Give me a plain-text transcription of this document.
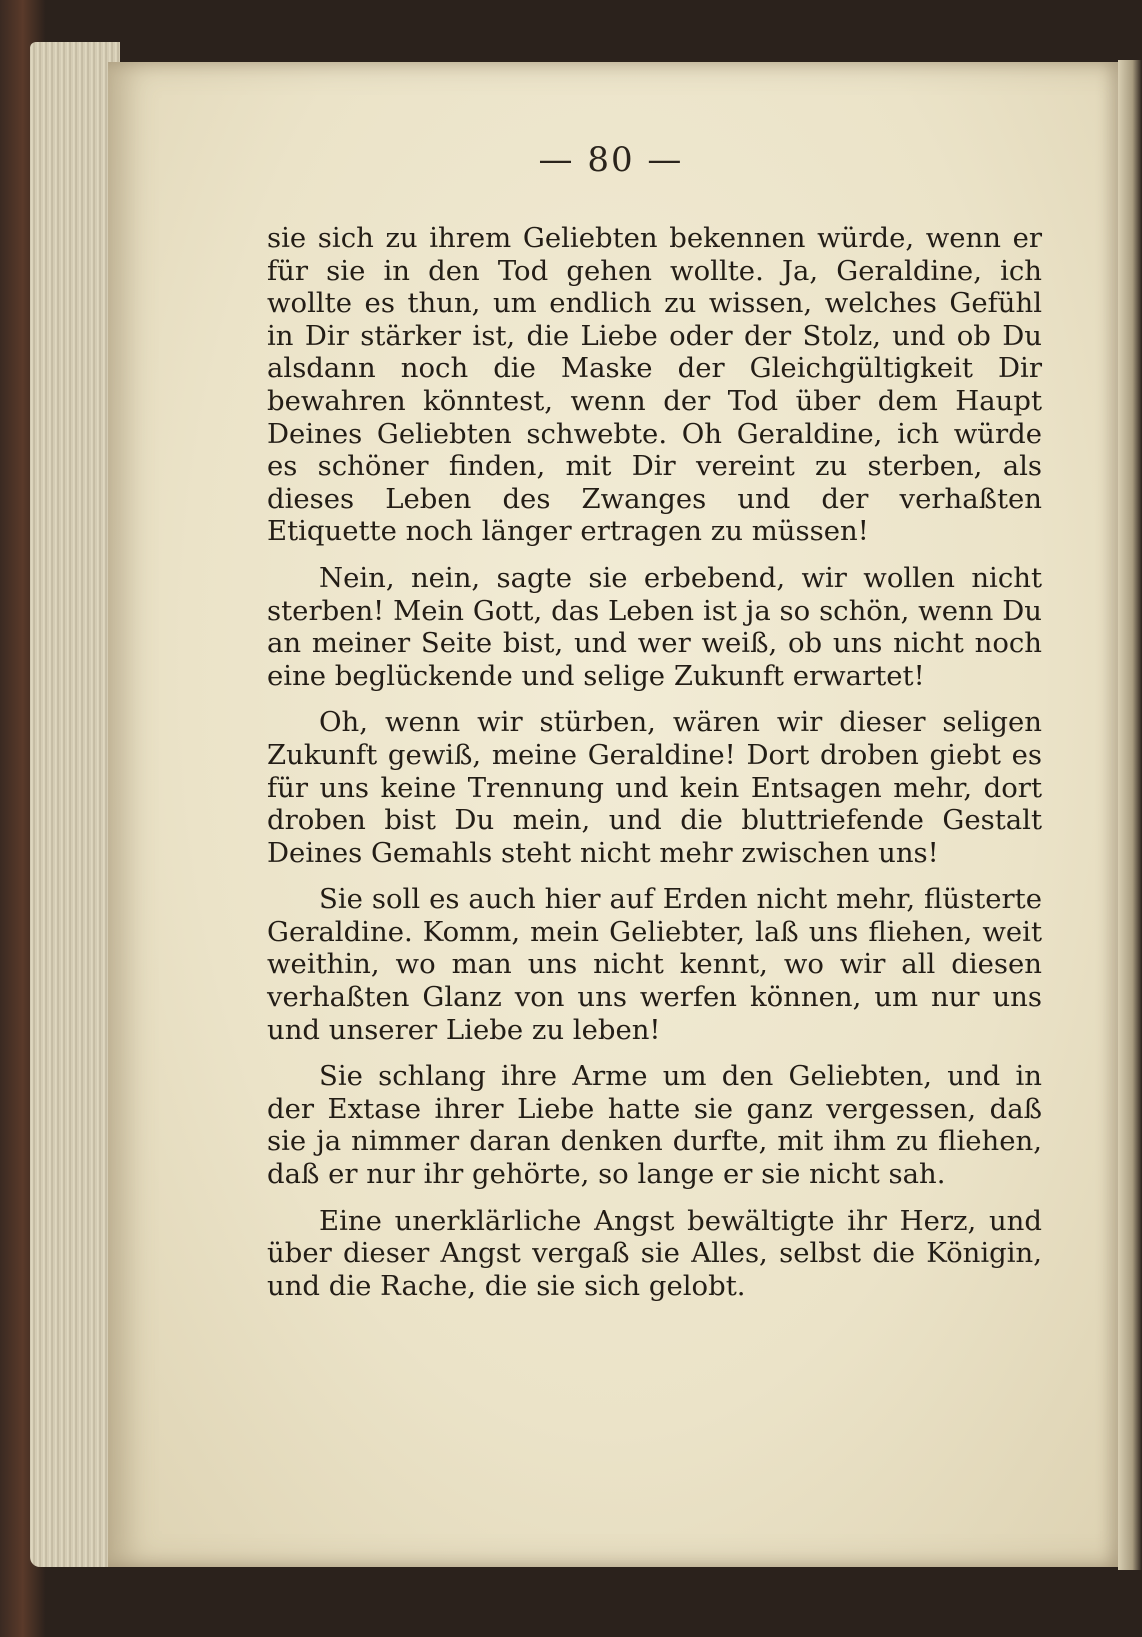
— 80 —

sie sich zu ihrem Geliebten bekennen würde, wenn er für sie in den Tod gehen wollte. Ja, Geraldine, ich wollte es thun, um endlich zu wissen, welches Gefühl in Dir stärker ist, die Liebe oder der Stolz, und ob Du alsdann noch die Maske der Gleichgültigkeit Dir bewahren könntest, wenn der Tod über dem Haupt Deines Geliebten schwebte. Oh Geraldine, ich würde es schöner finden, mit Dir vereint zu sterben, als dieses Leben des Zwanges und der verhaßten Etiquette noch länger ertragen zu müssen!

Nein, nein, sagte sie erbebend, wir wollen nicht sterben! Mein Gott, das Leben ist ja so schön, wenn Du an meiner Seite bist, und wer weiß, ob uns nicht noch eine beglückende und selige Zukunft erwartet!

Oh, wenn wir stürben, wären wir dieser seligen Zukunft gewiß, meine Geraldine! Dort droben giebt es für uns keine Trennung und kein Entsagen mehr, dort droben bist Du mein, und die bluttriefende Gestalt Deines Gemahls steht nicht mehr zwischen uns!

Sie soll es auch hier auf Erden nicht mehr, flüsterte Geraldine. Komm, mein Geliebter, laß uns fliehen, weit weithin, wo man uns nicht kennt, wo wir all diesen verhaßten Glanz von uns werfen können, um nur uns und unserer Liebe zu leben!

Sie schlang ihre Arme um den Geliebten, und in der Extase ihrer Liebe hatte sie ganz vergessen, daß sie ja nimmer daran denken durfte, mit ihm zu fliehen, daß er nur ihr gehörte, so lange er sie nicht sah.

Eine unerklärliche Angst bewältigte ihr Herz, und über dieser Angst vergaß sie Alles, selbst die Königin, und die Rache, die sie sich gelobt.
